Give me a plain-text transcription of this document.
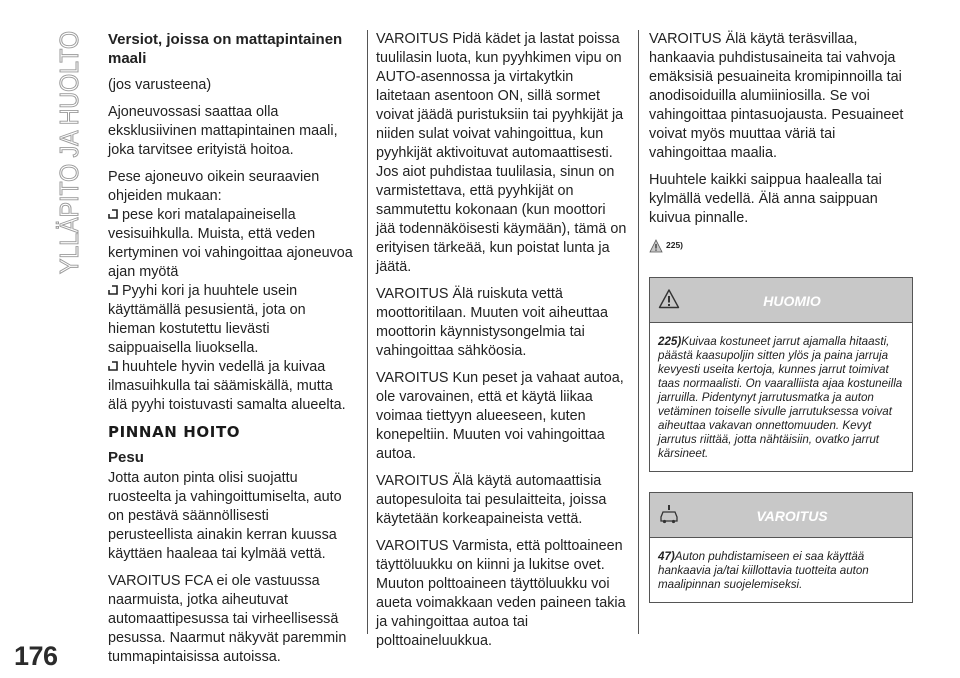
YLLÄPITO JA HUOLTO
176

Versiot, joissa on mattapintainen maali

(jos varusteena)

Ajoneuvossasi saattaa olla eksklusiivinen mattapintainen maali, joka tarvitsee erityistä hoitoa.

Pese ajoneuvo oikein seuraavien ohjeiden mukaan:

pese kori matalapaineisella vesisuihkulla. Muista, että veden kertyminen voi vahingoittaa ajoneuvoa ajan myötä
Pyyhi kori ja huuhtele usein käyttämällä pesusientä, jota on hieman kostutettu lievästi saippuaisella liuoksella.
huuhtele hyvin vedellä ja kuivaa ilmasuihkulla tai säämiskällä, mutta älä pyyhi toistuvasti samalta alueelta.
PINNAN HOITO
Pesu

Jotta auton pinta olisi suojattu ruosteelta ja vahingoittumiselta, auto on pestävä säännöllisesti perusteellista ainakin kerran kuussa käyttäen haaleaa tai kylmää vettä.

VAROITUS FCA ei ole vastuussa naarmuista, jotka aiheutuvat automaattipesussa tai virheellisessä pesussa. Naarmut näkyvät paremmin tummapintaisissa autoissa.

VAROITUS Pidä kädet ja lastat poissa tuulilasin luota, kun pyyhkimen vipu on AUTO-asennossa ja virtakytkin laitetaan asentoon ON, sillä sormet voivat jäädä puristuksiin tai pyyhkijät ja niiden sulat voivat vahingoittua, kun pyyhkijät aktivoituvat automaattisesti. Jos aiot puhdistaa tuulilasia, sinun on varmistettava, että pyyhkijät on sammutettu kokonaan (kun moottori jää todennäköisesti käymään), tämä on erityisen tärkeää, kun poistat lunta ja jäätä.

VAROITUS Älä ruiskuta vettä moottoritilaan. Muuten voit aiheuttaa moottorin käynnistysongelmia tai vahingoittaa sähköosia.

VAROITUS Kun peset ja vahaat autoa, ole varovainen, että et käytä liikaa voimaa tiettyyn alueeseen, kuten konepeltiin. Muuten voi vahingoittaa autoa.

VAROITUS Älä käytä automaattisia autopesuloita tai pesulaitteita, joissa käytetään korkeapaineista vettä.

VAROITUS Varmista, että polttoaineen täyttöluukku on kiinni ja lukitse ovet. Muuton polttoaineen täyttöluukku voi aueta voimakkaan veden paineen takia ja vahingoittaa autoa tai polttoaineluukkua.

VAROITUS Älä käytä teräsvillaa, hankaavia puhdistusaineita tai vahvoja emäksisiä pesuaineita kromipinnoilla tai anodisoiduilla alumiiniosilla. Se voi vahingoittaa pintasuojausta. Pesuaineet voivat myös muuttaa väriä tai vahingoittaa maalia.

Huuhtele kaikki saippua haalealla tai kylmällä vedellä. Älä anna saippuan kuivua pinnalle.

225)
HUOMIO
225)Kuivaa kostuneet jarrut ajamalla hitaasti, päästä kaasupoljin sitten ylös ja paina jarruja kevyesti useita kertoja, kunnes jarrut toimivat taas normaalisti. On vaaralliista ajaa kostuneilla jarruilla. Pidentynyt jarrutusmatka ja auton vetäminen toiselle sivulle jarrutuksessa voivat aiheuttaa vakavan onnettomuuden. Kevyt jarrutus riittää, jotta nähtäisiin, ovatko jarrut kärsineet.
VAROITUS
47)Auton puhdistamiseen ei saa käyttää hankaavia ja/tai kiillottavia tuotteita auton maalipinnan suojelemiseksi.
